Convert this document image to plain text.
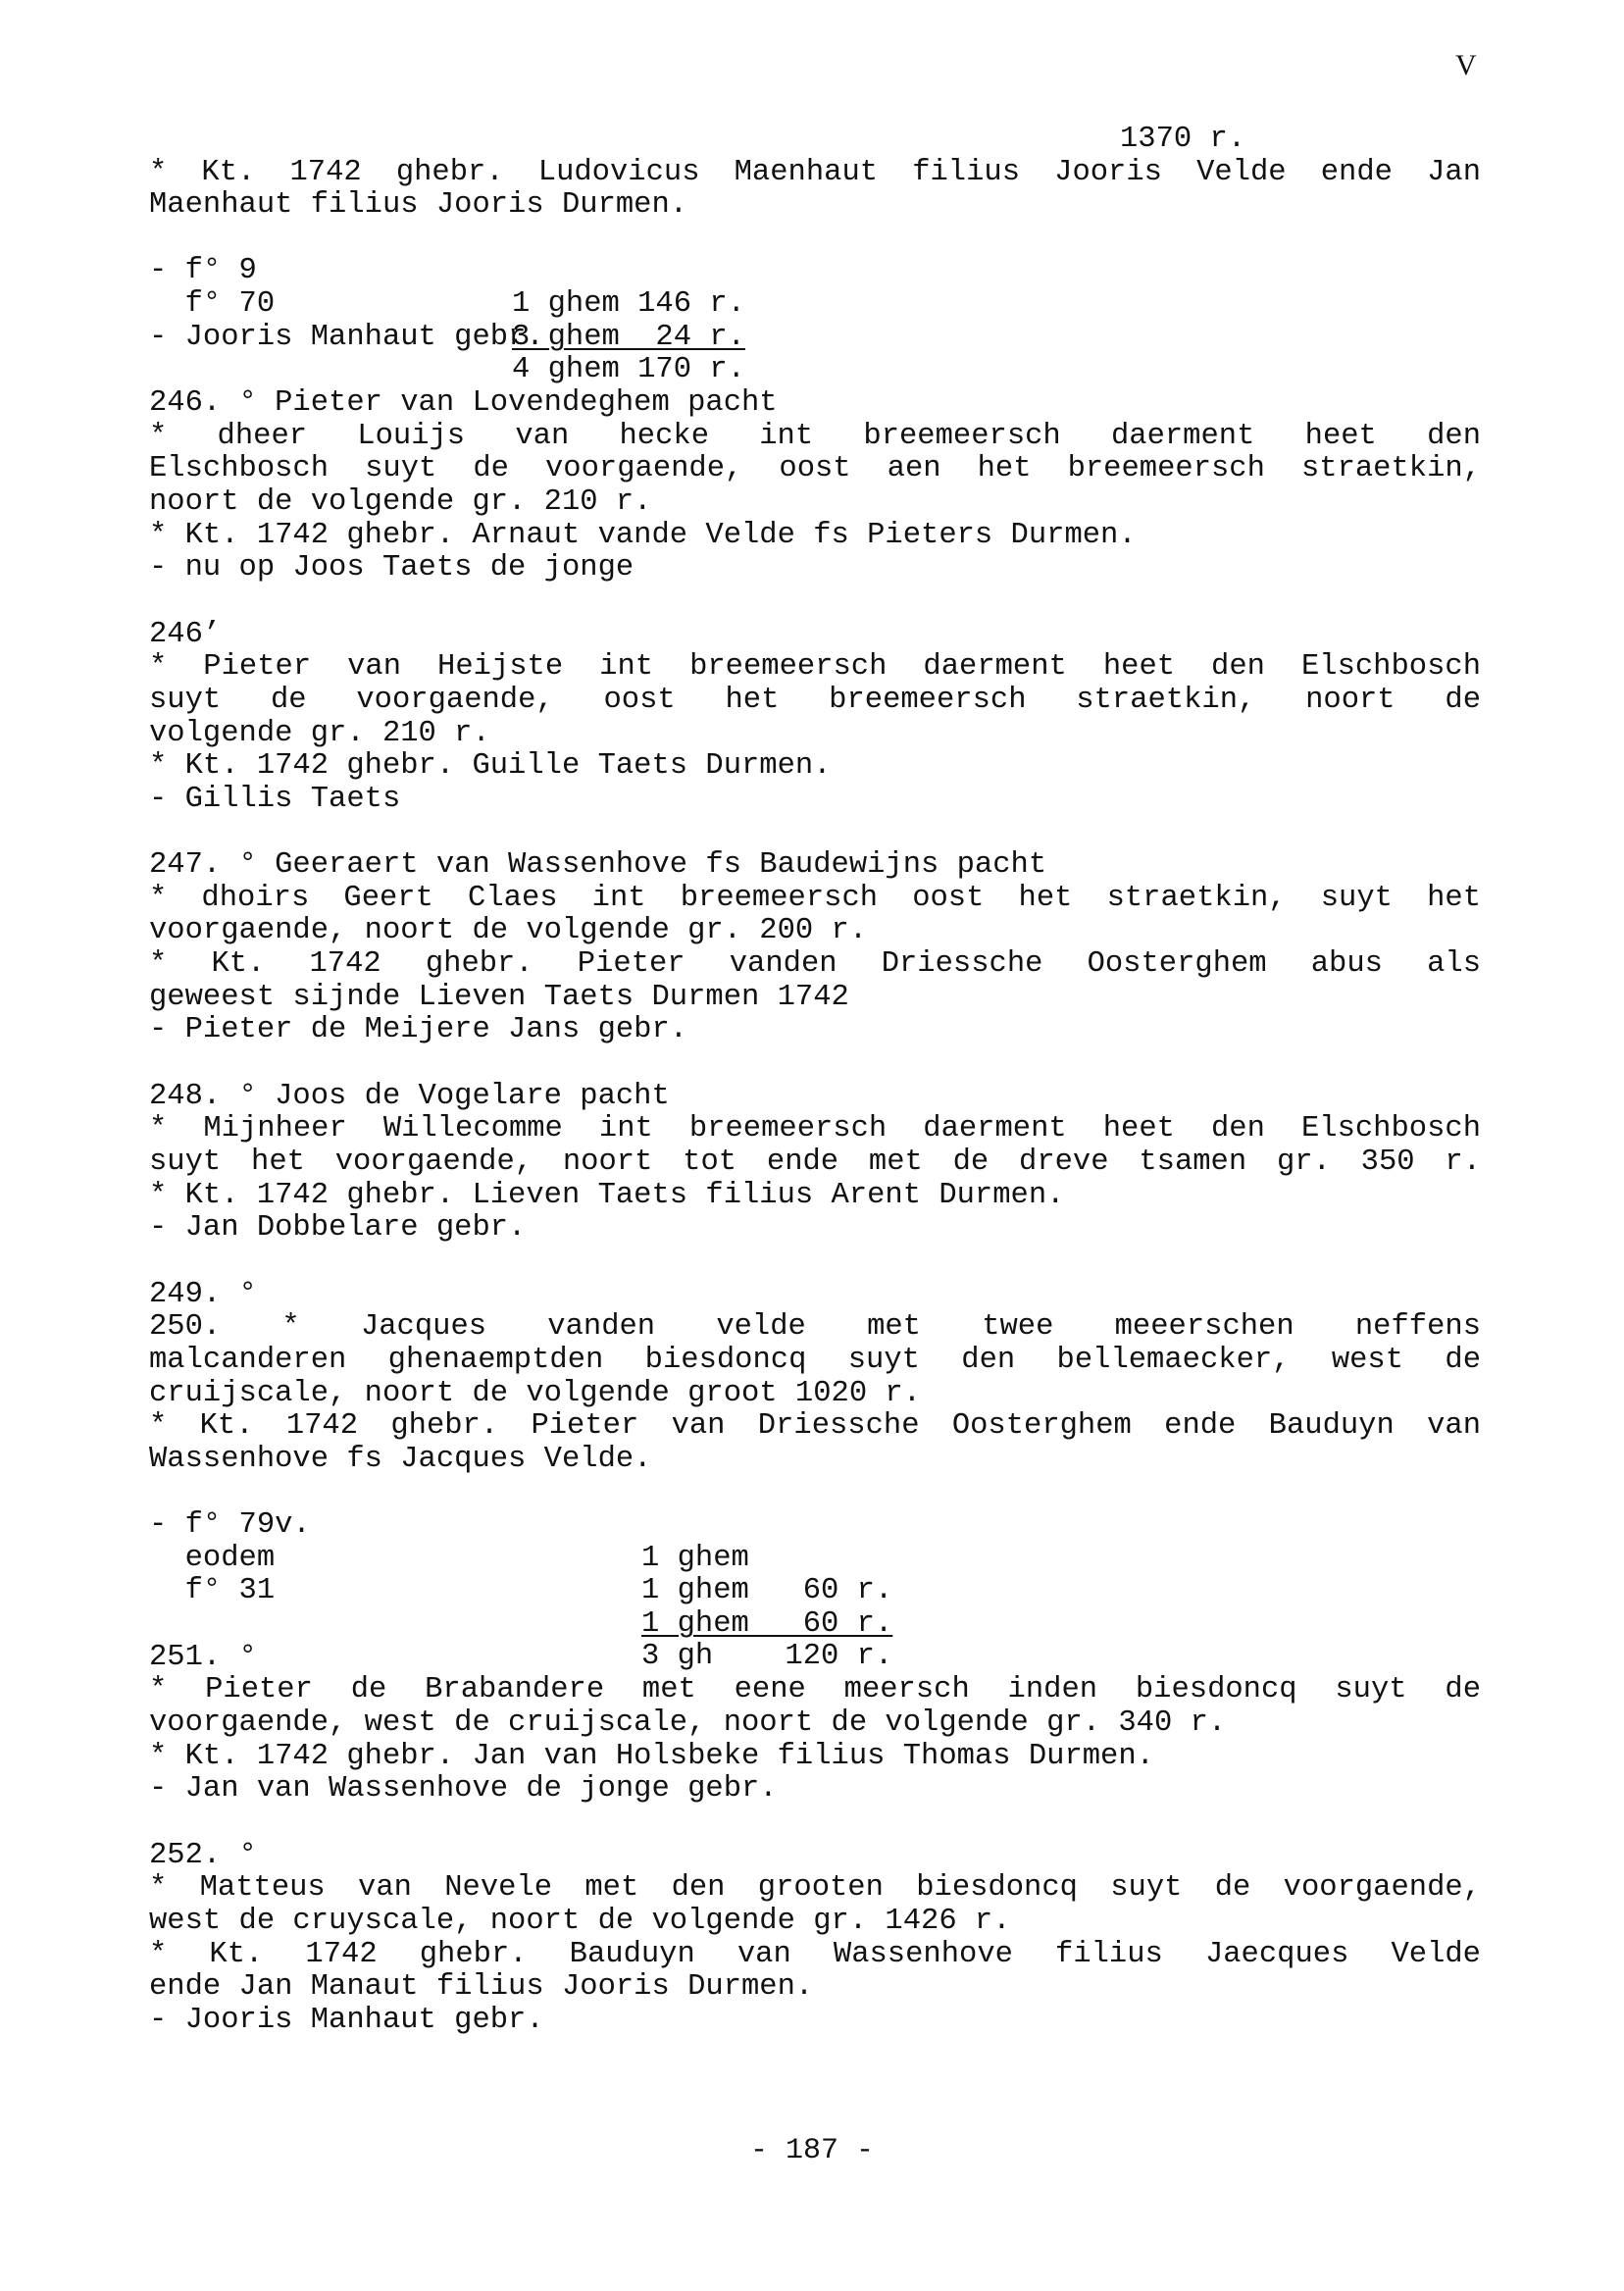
V
1370 r.
* Kt. 1742 ghebr. Ludovicus Maenhaut filius Jooris Velde ende Jan
Maenhaut filius Jooris Durmen.

- f° 9

1 ghem 146 r.

f° 70

3 ghem  24 r.

4 ghem 170 r.

- Jooris Manhaut gebr.
246. ° Pieter van Lovendeghem pacht
* dheer Louijs van hecke int breemeersch daerment heet den
Elschbosch suyt de voorgaende, oost aen het breemeersch straetkin,
noort de volgende gr. 210 r.
* Kt. 1742 ghebr. Arnaut vande Velde fs Pieters Durmen.
- nu op Joos Taets de jonge
246’
* Pieter van Heijste int breemeersch daerment heet den Elschbosch
suyt de voorgaende, oost het breemeersch straetkin, noort de
volgende gr. 210 r.
* Kt. 1742 ghebr. Guille Taets Durmen.
- Gillis Taets
247. ° Geeraert van Wassenhove fs Baudewijns pacht
* dhoirs Geert Claes int breemeersch oost het straetkin, suyt het
voorgaende, noort de volgende gr. 200 r.
* Kt. 1742 ghebr. Pieter vanden Driessche Oosterghem abus als
geweest sijnde Lieven Taets Durmen 1742
- Pieter de Meijere Jans gebr.
248. ° Joos de Vogelare pacht
* Mijnheer Willecomme int breemeersch daerment heet den Elschbosch
suyt het voorgaende, noort tot ende met de dreve tsamen gr. 350 r.
* Kt. 1742 ghebr. Lieven Taets filius Arent Durmen.
- Jan Dobbelare gebr.
249. °
250. * Jacques vanden velde met twee meeerschen neffens
malcanderen ghenaemptden biesdoncq suyt den bellemaecker, west de
cruijscale, noort de volgende groot 1020 r.
* Kt. 1742 ghebr. Pieter van Driessche Oosterghem ende Bauduyn van
Wassenhove fs Jacques Velde.

- f° 79v.

1 ghem

eodem

1 ghem   60 r.

f° 31

1 ghem   60 r.

3 gh    120 r.

251. °
* Pieter de Brabandere met eene meersch inden biesdoncq suyt de
voorgaende, west de cruijscale, noort de volgende gr. 340 r.
* Kt. 1742 ghebr. Jan van Holsbeke filius Thomas Durmen.
- Jan van Wassenhove de jonge gebr.
252. °
* Matteus van Nevele met den grooten biesdoncq suyt de voorgaende,
west de cruyscale, noort de volgende gr. 1426 r.
* Kt. 1742 ghebr. Bauduyn van Wassenhove filius Jaecques Velde
ende Jan Manaut filius Jooris Durmen.
- Jooris Manhaut gebr.
- 187 -
